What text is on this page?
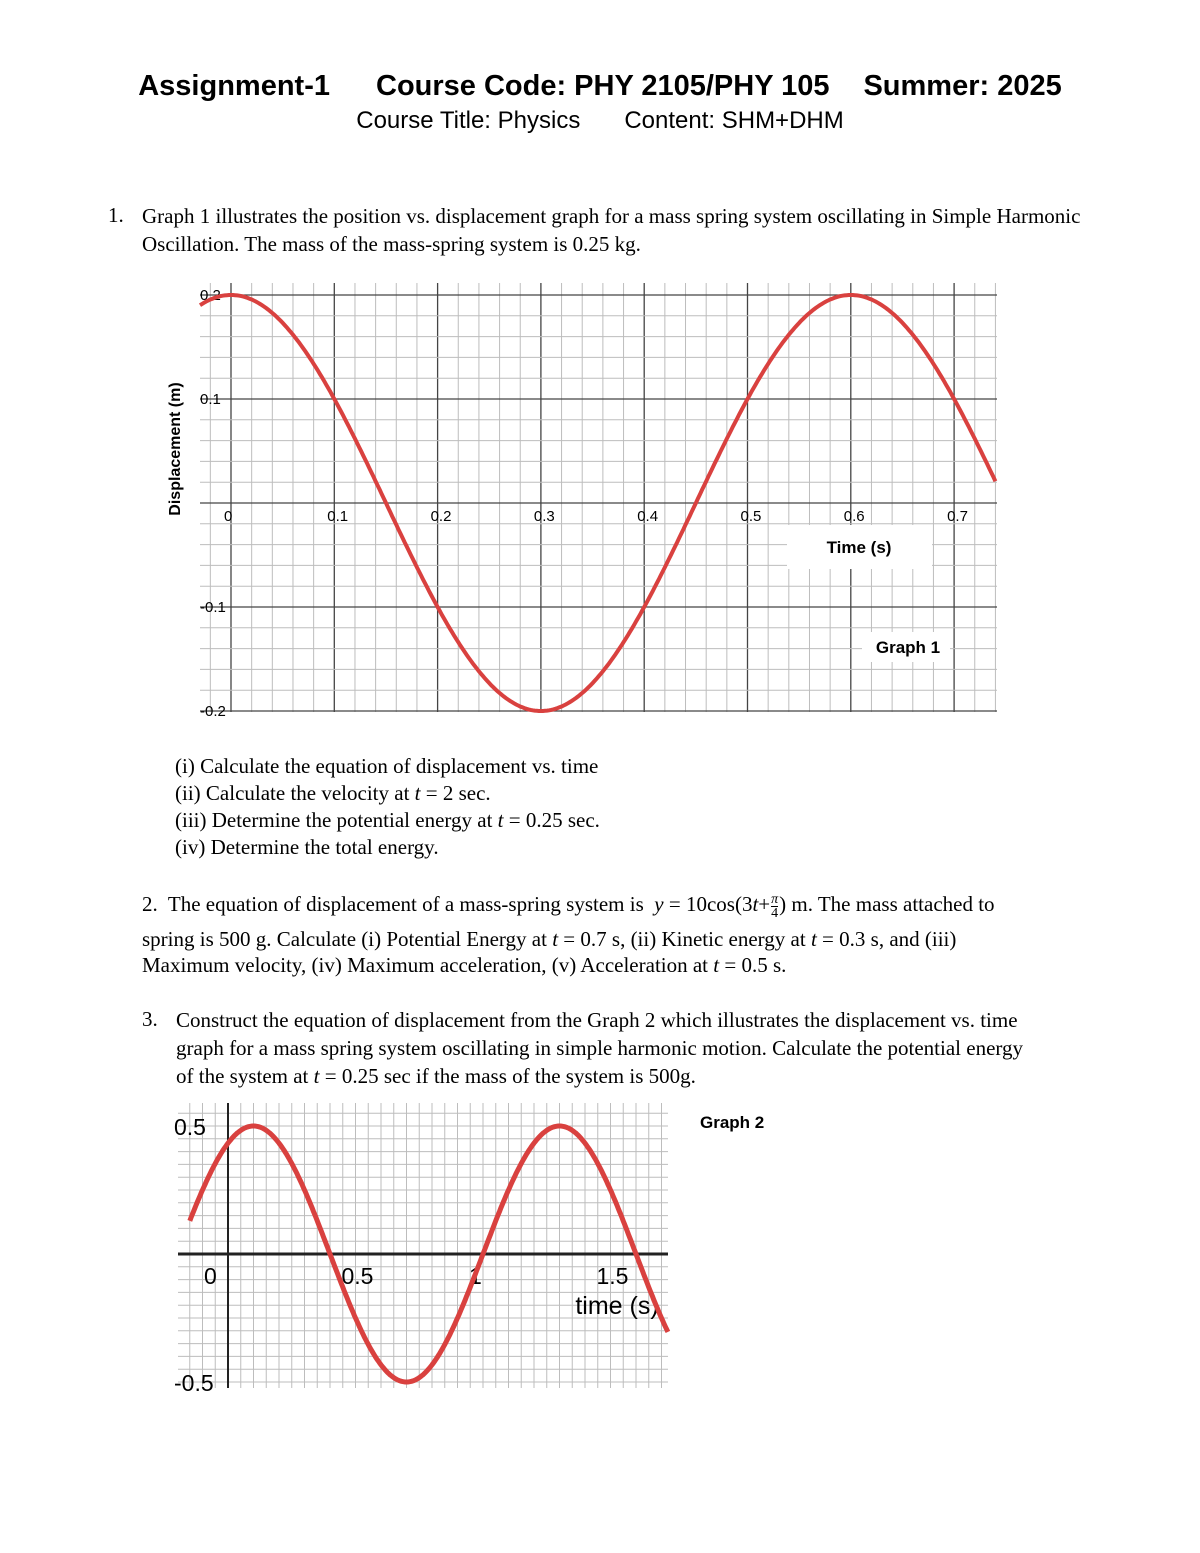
Assignment-1 Course Code: PHY 2105/PHY 105 Summer: 2025
Course Title: Physics Content: SHM+DHM
1. Graph 1 illustrates the position vs. displacement graph for a mass spring system oscillating in Simple Harmonic Oscillation. The mass of the mass-spring system is 0.25 kg.
0	0.1	0.2	0.3	0.4	0.5	0.6	0.7
0.2
0.1
-0.1
-0.2
Time (s)
Graph 1
Displacement (m)
(i) Calculate the equation of displacement vs. time
(ii) Calculate the velocity at t = 2 sec.
(iii) Determine the potential energy at t = 0.25 sec.
(iv) Determine the total energy.
2. The equation of displacement of a mass-spring system is $y = 10\cos(3t+ \frac{\pi}{4}$ ) m. The mass attached to
spring is 500 g. Calculate (i) Potential Energy at t = 0.7 s, (ii) Kinetic energy at t = 0.3 s, and (iii)
Maximum velocity, (iv) Maximum acceleration, (v) Acceleration at t = 0.5 s.
3. Construct the equation of displacement from the Graph 2 which illustrates the displacement vs. time
graph for a mass spring system oscillating in simple harmonic motion. Calculate the potential energy
of the system at t = 0.25 sec if the mass of the system is 500g.
0	0.5	1	1.5
0.5
-0.5
time (s)
Graph 2
